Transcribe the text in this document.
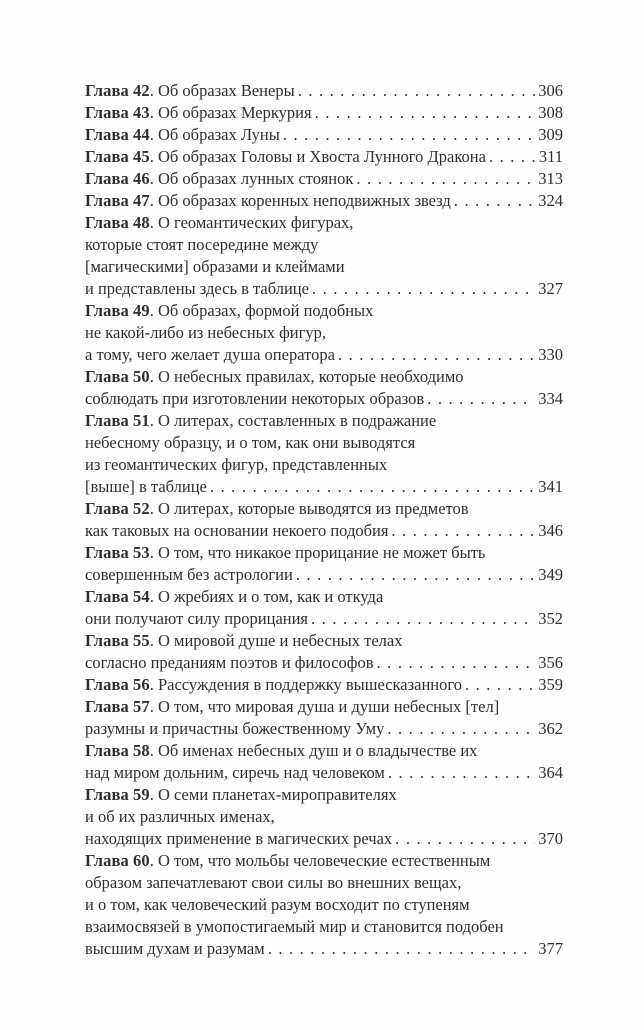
Глава 42. Об образах Венеры . . .	306
Глава 43. Об образах Меркурия . . .	308
Глава 44. Об образах Луны . . .	309
Глава 45. Об образах Головы и Хвоста Лунного Дракона . . .	311
Глава 46. Об образах лунных стоянок . . .	313
Глава 47. Об образах коренных неподвижных звезд . . .	324
Глава 48. О геомантических фигурах,
которые стоят посередине между
[магическими] образами и клеймами
и представлены здесь в таблице . . .	327
Глава 49. Об образах, формой подобных
не какой-либо из небесных фигур,
а тому, чего желает душа оператора . . .	330
Глава 50. О небесных правилах, которые необходимо
соблюдать при изготовлении некоторых образов . . .	334
Глава 51. О литерах, составленных в подражание
небесному образцу, и о том, как они выводятся
из геомантических фигур, представленных
[выше] в таблице . . .	341
Глава 52. О литерах, которые выводятся из предметов
как таковых на основании некоего подобия . . .	346
Глава 53. О том, что никакое прорицание не может быть
совершенным без астрологии . . .	349
Глава 54. О жребиях и о том, как и откуда
они получают силу прорицания . . .	352
Глава 55. О мировой душе и небесных телах
согласно преданиям поэтов и философов . . .	356
Глава 56. Рассуждения в поддержку вышесказанного . . .	359
Глава 57. О том, что мировая душа и души небесных [тел]
разумны и причастны божественному Уму . . .	362
Глава 58. Об именах небесных душ и о владычестве их
над миром дольним, сиречь над человеком . . .	364
Глава 59. О семи планетах-мироправителях
и об их различных именах,
находящих применение в магических речах . . .	370
Глава 60. О том, что мольбы человеческие естественным
образом запечатлевают свои силы во внешних вещах,
и о том, как человеческий разум восходит по ступеням
взаимосвязей в умопостигаемый мир и становится подобен
высшим духам и разумам . . .	377
